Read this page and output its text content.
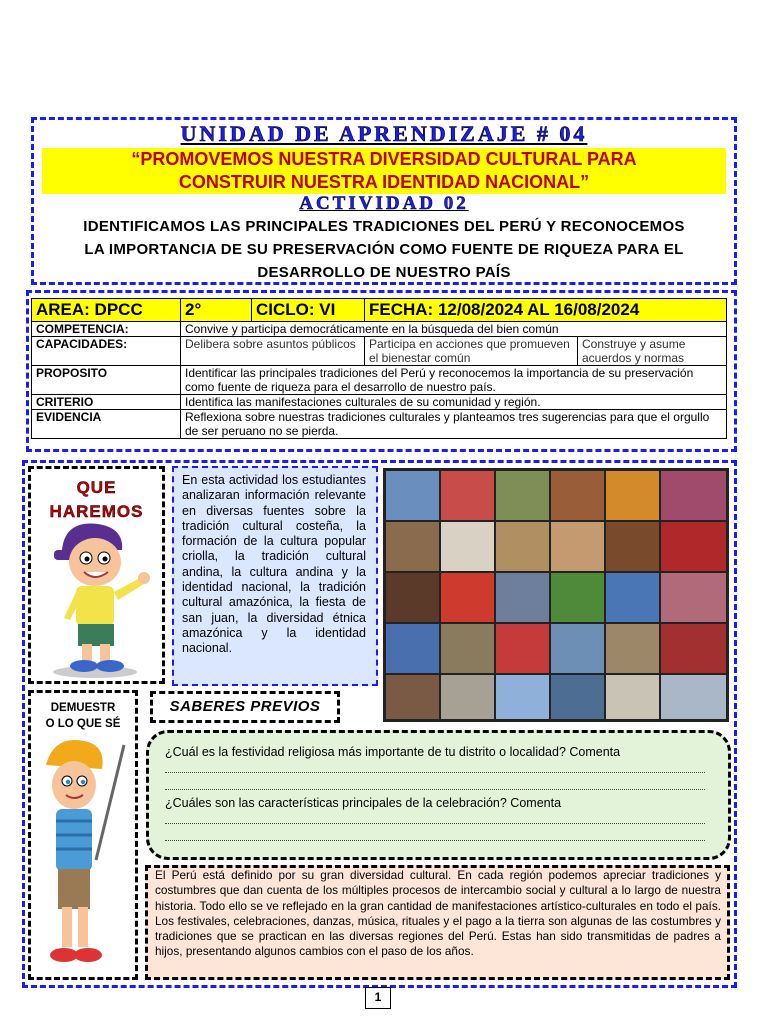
UNIDAD DE APRENDIZAJE # 04
“PROMOVEMOS NUESTRA DIVERSIDAD CULTURAL PARA
CONSTRUIR NUESTRA IDENTIDAD NACIONAL”
ACTIVIDAD 02
IDENTIFICAMOS LAS PRINCIPALES TRADICIONES DEL PERÚ Y RECONOCEMOS
LA IMPORTANCIA DE SU PRESERVACIÓN COMO FUENTE DE RIQUEZA PARA EL
DESARROLLO DE NUESTRO PAÍS
AREA: DPCC	2°	CICLO: VI	FECHA: 12/08/2024 AL 16/08/2024	
COMPETENCIA:	Convive y participa democráticamente en la búsqueda del bien común			
CAPACIDADES:	Delibera sobre asuntos públicos		Participa en acciones que promueven el bienestar común	Construye y asume acuerdos y normas
PROPOSITO	Identificar las principales tradiciones del Perú y reconocemos la importancia de su preservación como fuente de riqueza para el desarrollo de nuestro país.			
CRITERIO	Identifica las manifestaciones culturales de su comunidad y región.			
EVIDENCIA	Reflexiona sobre nuestras tradiciones culturales y planteamos tres sugerencias para que el orgullo de ser peruano no se pierda.			
QUE
HAREMOS
En esta actividad los estudiantes analizaran información relevante en diversas fuentes sobre la tradición cultural costeña, la formación de la cultura popular criolla, la tradición cultural andina, la cultura andina y la identidad nacional, la tradición cultural amazónica, la fiesta de san juan, la diversidad étnica amazónica y la identidad nacional.
DEMUESTR
O LO QUE SÉ
SABERES PREVIOS
¿Cuál es la festividad religiosa más importante de tu distrito o localidad? Comenta
¿Cuáles son las características principales de la celebración? Comenta
El Perú está definido por su gran diversidad cultural. En cada región podemos apreciar tradiciones y costumbres que dan cuenta de los múltiples procesos de intercambio social y cultural a lo largo de nuestra historia. Todo ello se ve reflejado en la gran cantidad de manifestaciones artístico-culturales en todo el país. Los festivales, celebraciones, danzas, música, rituales y el pago a la tierra son algunas de las costumbres y tradiciones que se practican en las diversas regiones del Perú. Estas han sido transmitidas de padres a hijos, presentando algunos cambios con el paso de los años.
1
